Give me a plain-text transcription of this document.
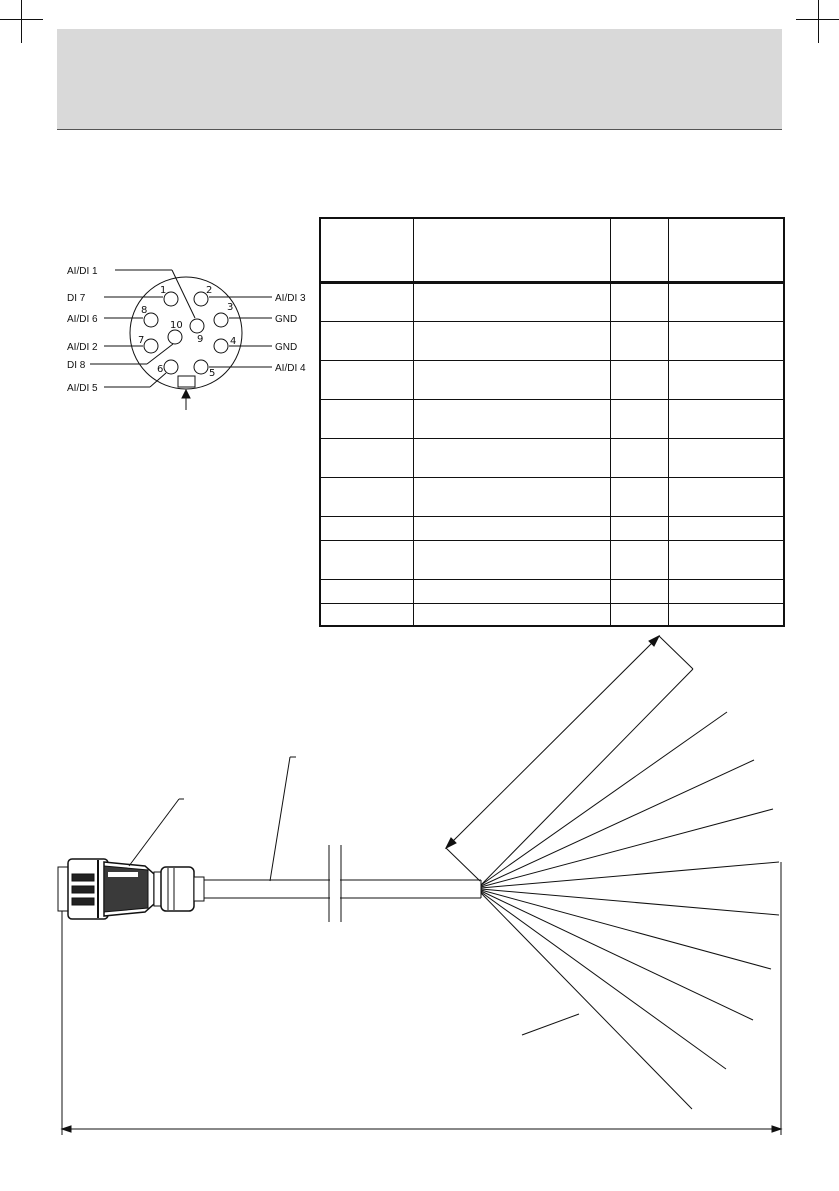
1	2
3
4
5
6
7
8
9
10
AI/DI 1
DI 7
AI/DI 6
AI/DI 2
DI 8
AI/DI 5
AI/DI 3
GND
GND
AI/DI 4
